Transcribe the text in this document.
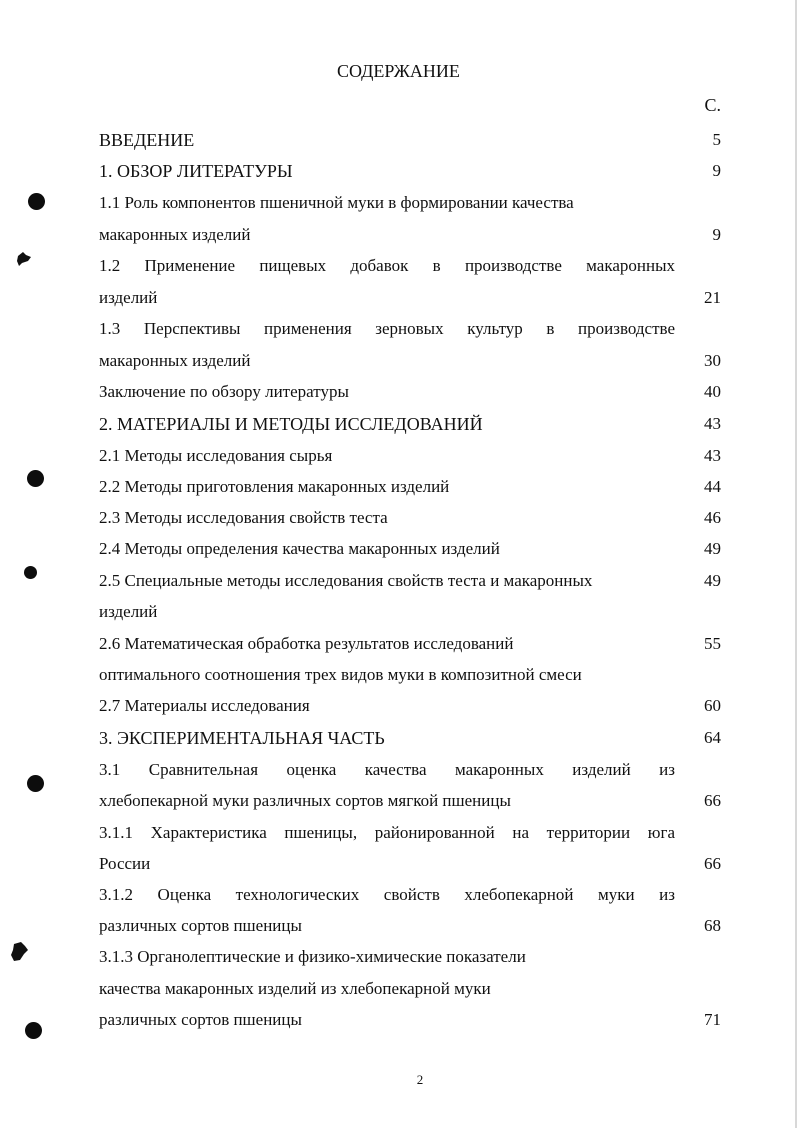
СОДЕРЖАНИЕ
С.
ВВЕДЕНИЕ	5
1. ОБЗОР ЛИТЕРАТУРЫ	9
1.1 Роль компонентов пшеничной муки в формировании качества
макаронных изделий	9
1.2 Применение пищевых добавок в производстве макаронных
изделий	21
1.3 Перспективы применения зерновых культур в производстве
макаронных изделий	30
Заключение по обзору литературы	40
2. МАТЕРИАЛЫ И МЕТОДЫ ИССЛЕДОВАНИЙ	43
2.1 Методы исследования сырья	43
2.2 Методы приготовления макаронных изделий	44
2.3 Методы исследования свойств теста	46
2.4 Методы определения качества макаронных изделий	49
2.5 Специальные методы исследования свойств теста и макаронных	49
изделий
2.6 Математическая обработка результатов исследований	55
оптимального соотношения трех видов муки в композитной смеси
2.7 Материалы исследования	60
3. ЭКСПЕРИМЕНТАЛЬНАЯ ЧАСТЬ	64
3.1 Сравнительная оценка качества макаронных изделий из
хлебопекарной муки различных сортов мягкой пшеницы	66
3.1.1 Характеристика пшеницы, районированной на территории юга
России	66
3.1.2 Оценка технологических свойств хлебопекарной муки из
различных сортов пшеницы	68
3.1.3 Органолептические и физико-химические показатели
качества макаронных изделий из хлебопекарной муки
различных сортов пшеницы	71
2
